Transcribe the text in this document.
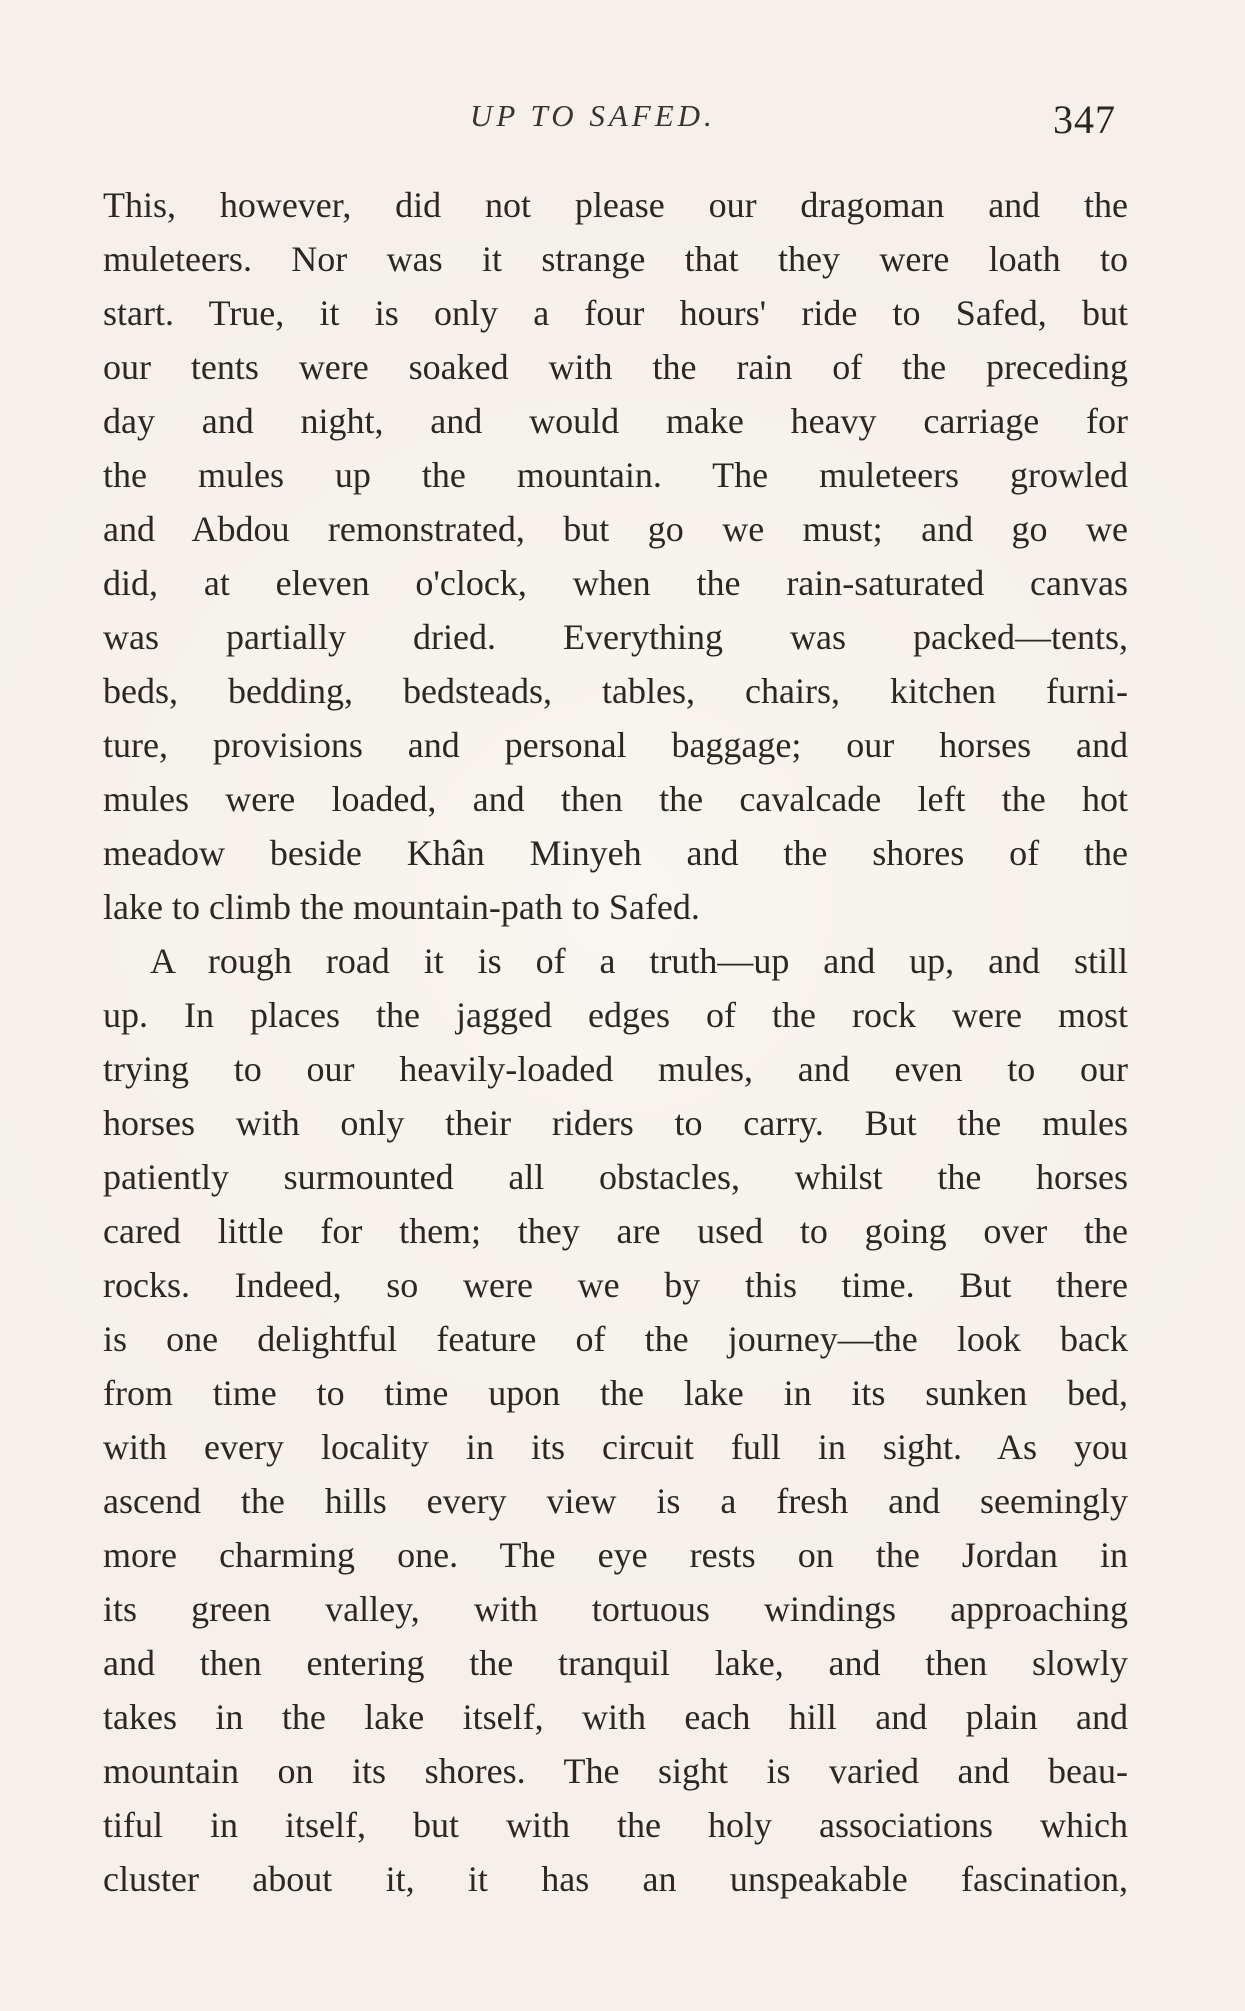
UP TO SAFED.	347
This, however, did not please our dragoman and the
muleteers. Nor was it strange that they were loath to
start. True, it is only a four hours' ride to Safed, but
our tents were soaked with the rain of the preceding
day and night, and would make heavy carriage for
the mules up the mountain. The muleteers growled
and Abdou remonstrated, but go we must; and go we
did, at eleven o'clock, when the rain-saturated canvas
was partially dried. Everything was packed—tents,
beds, bedding, bedsteads, tables, chairs, kitchen furni-
ture, provisions and personal baggage; our horses and
mules were loaded, and then the cavalcade left the hot
meadow beside Khân Minyeh and the shores of the
lake to climb the mountain-path to Safed.
A rough road it is of a truth—up and up, and still
up. In places the jagged edges of the rock were most
trying to our heavily-loaded mules, and even to our
horses with only their riders to carry. But the mules
patiently surmounted all obstacles, whilst the horses
cared little for them; they are used to going over the
rocks. Indeed, so were we by this time. But there
is one delightful feature of the journey—the look back
from time to time upon the lake in its sunken bed,
with every locality in its circuit full in sight. As you
ascend the hills every view is a fresh and seemingly
more charming one. The eye rests on the Jordan in
its green valley, with tortuous windings approaching
and then entering the tranquil lake, and then slowly
takes in the lake itself, with each hill and plain and
mountain on its shores. The sight is varied and beau-
tiful in itself, but with the holy associations which
cluster about it, it has an unspeakable fascination,
